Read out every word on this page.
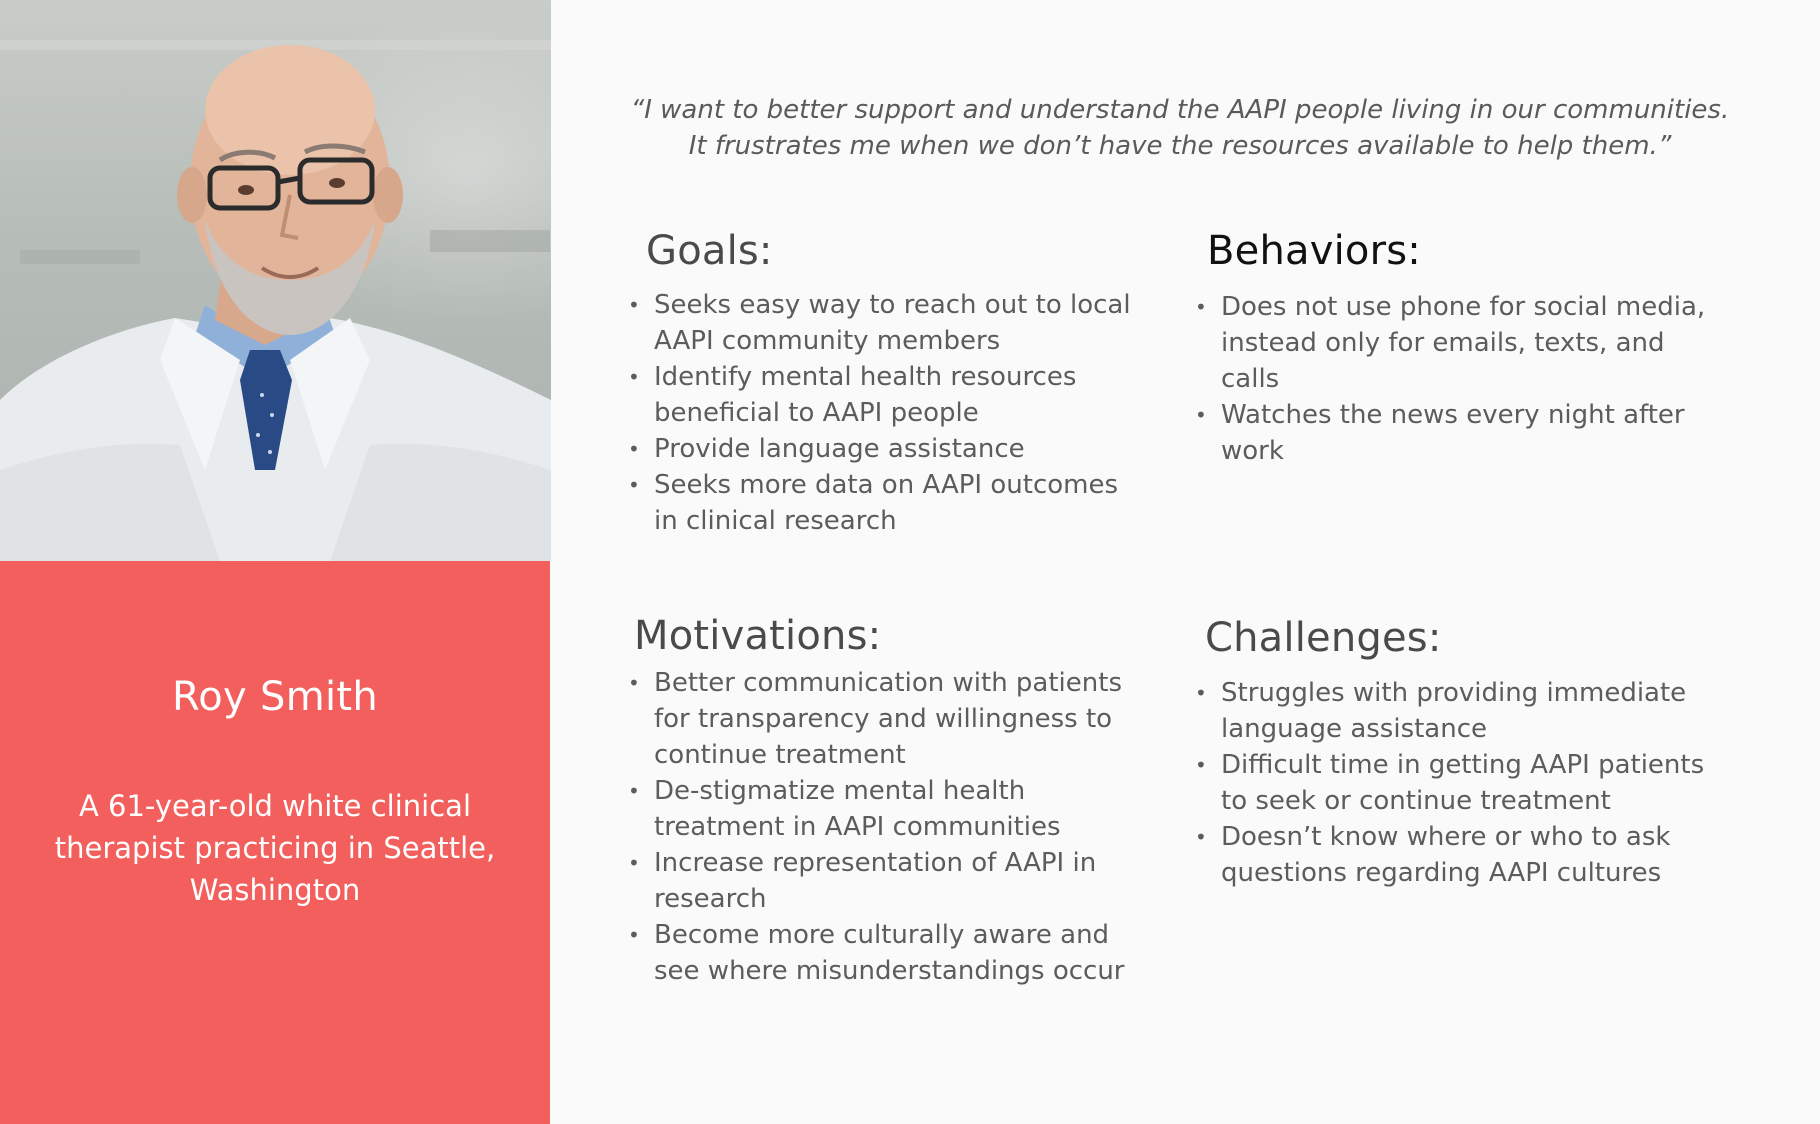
Roy Smith
A 61-year-old white clinical therapist practicing in Seattle, Washington
“I want to better support and understand the AAPI people living in our communities.
It frustrates me when we don’t have the resources available to help them.”
Goals:
• Seeks easy way to reach out to local AAPI community members
• Identify mental health resources beneficial to AAPI people
• Provide language assistance
• Seeks more data on AAPI outcomes in clinical research
Behaviors:
• Does not use phone for social media, instead only for emails, texts, and calls
• Watches the news every night after work
Motivations:
• Better communication with patients for transparency and willingness to continue treatment
• De-stigmatize mental health treatment in AAPI communities
• Increase representation of AAPI in research
• Become more culturally aware and see where misunderstandings occur
Challenges:
• Struggles with providing immediate language assistance
• Difficult time in getting AAPI patients to seek or continue treatment
• Doesn’t know where or who to ask questions regarding AAPI cultures
